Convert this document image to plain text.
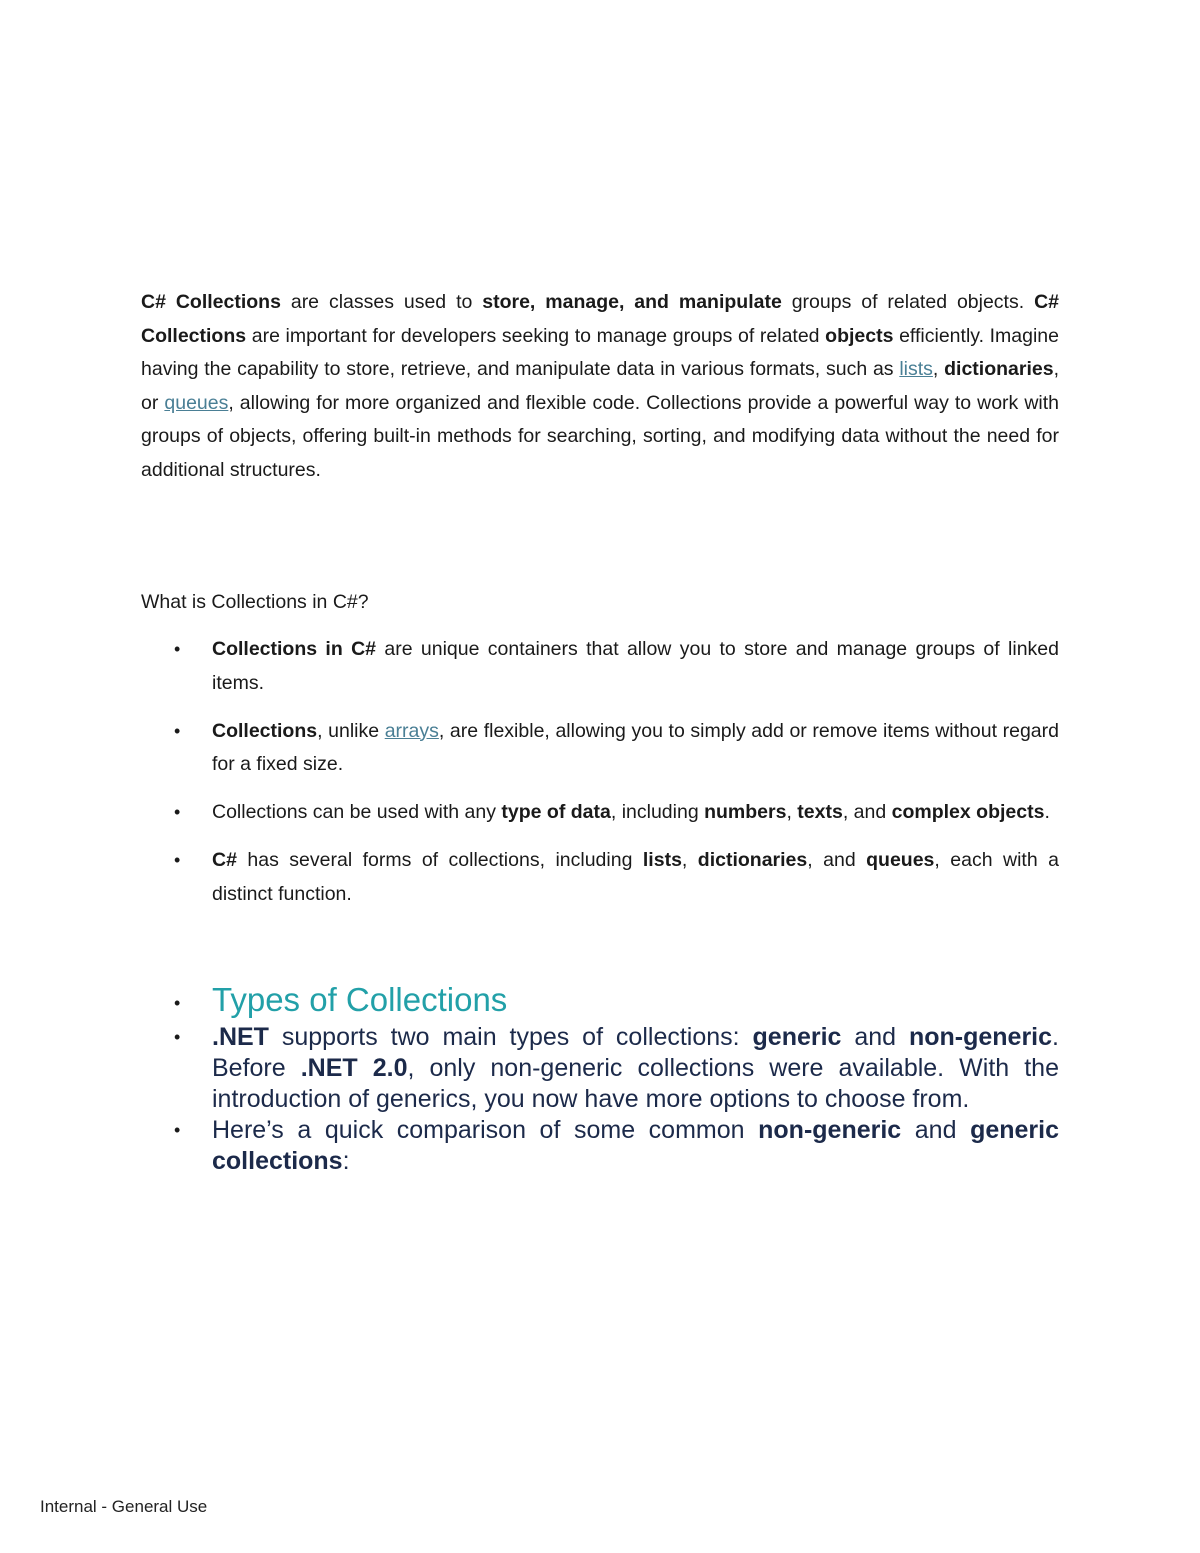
C# Collections are classes used to store, manage, and manipulate groups of related objects. C# Collections are important for developers seeking to manage groups of related objects efficiently. Imagine having the capability to store, retrieve, and manipulate data in various formats, such as lists, dictionaries, or queues, allowing for more organized and flexible code. Collections provide a powerful way to work with groups of objects, offering built-in methods for searching, sorting, and modifying data without the need for additional structures.

What is Collections in C#?

• Collections in C# are unique containers that allow you to store and manage groups of linked items.
• Collections, unlike arrays, are flexible, allowing you to simply add or remove items without regard for a fixed size.
• Collections can be used with any type of data, including numbers, texts, and complex objects.
• C# has several forms of collections, including lists, dictionaries, and queues, each with a distinct function.
• Types of Collections
• .NET supports two main types of collections: generic and non-generic. Before .NET 2.0, only non-generic collections were available. With the introduction of generics, you now have more options to choose from.
• Here’s a quick comparison of some common non-generic and generic collections:
Internal - General Use
